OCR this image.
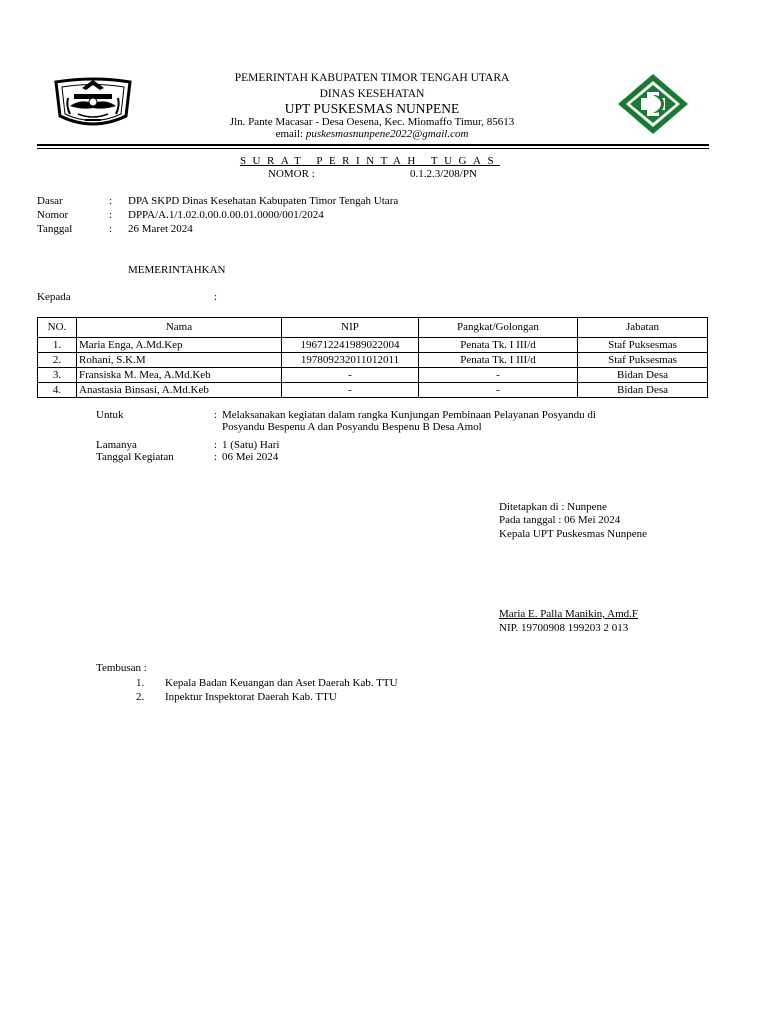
PEMERINTAH KABUPATEN TIMOR TENGAH UTARA
DINAS KESEHATAN
UPT PUSKESMAS NUNPENE
Jln. Pante Macasar - Desa Oesena, Kec. Miomaffo Timur, 85613
email: puskesmasnunpene2022@gmail.com
SURAT PERINTAH TUGAS
NOMOR :	0.1.2.3/208/PN
Dasar	: DPA SKPD Dinas Kesehatan Kabupaten Timor Tengah Utara
Nomor	: DPPA/A.1/1.02.0.00.0.00.01.0000/001/2024
Tanggal	: 26 Maret 2024
MEMERINTAHKAN
Kepada	:
NO.	Nama	NIP	Pangkat/Golongan	Jabatan
1.	Maria Enga, A.Md.Kep	196712241989022004	Penata Tk. I III/d	Staf Puksesmas
2.	Rohani, S.K.M	197809232011012011	Penata Tk. I III/d	Staf Puksesmas
3.	Fransiska M. Mea, A.Md.Keb	-	-	Bidan Desa
4.	Anastasia Binsasi, A.Md.Keb	-	-	Bidan Desa
Untuk	: Melaksanakan kegiatan dalam rangka Kunjungan Pembinaan Pelayanan Posyandu di
Posyandu Bespenu A dan Posyandu Bespenu B Desa Amol
Lamanya	: 1 (Satu) Hari
Tanggal Kegiatan	: 06 Mei 2024
Ditetapkan di : Nunpene
Pada tanggal : 06 Mei 2024
Kepala UPT Puskesmas Nunpene
Maria E. Palla Manikin, Amd.F
NIP. 19700908 199203 2 013
Tembusan :
1. Kepala Badan Keuangan dan Aset Daerah Kab. TTU
2. Inpektur Inspektorat Daerah Kab. TTU
